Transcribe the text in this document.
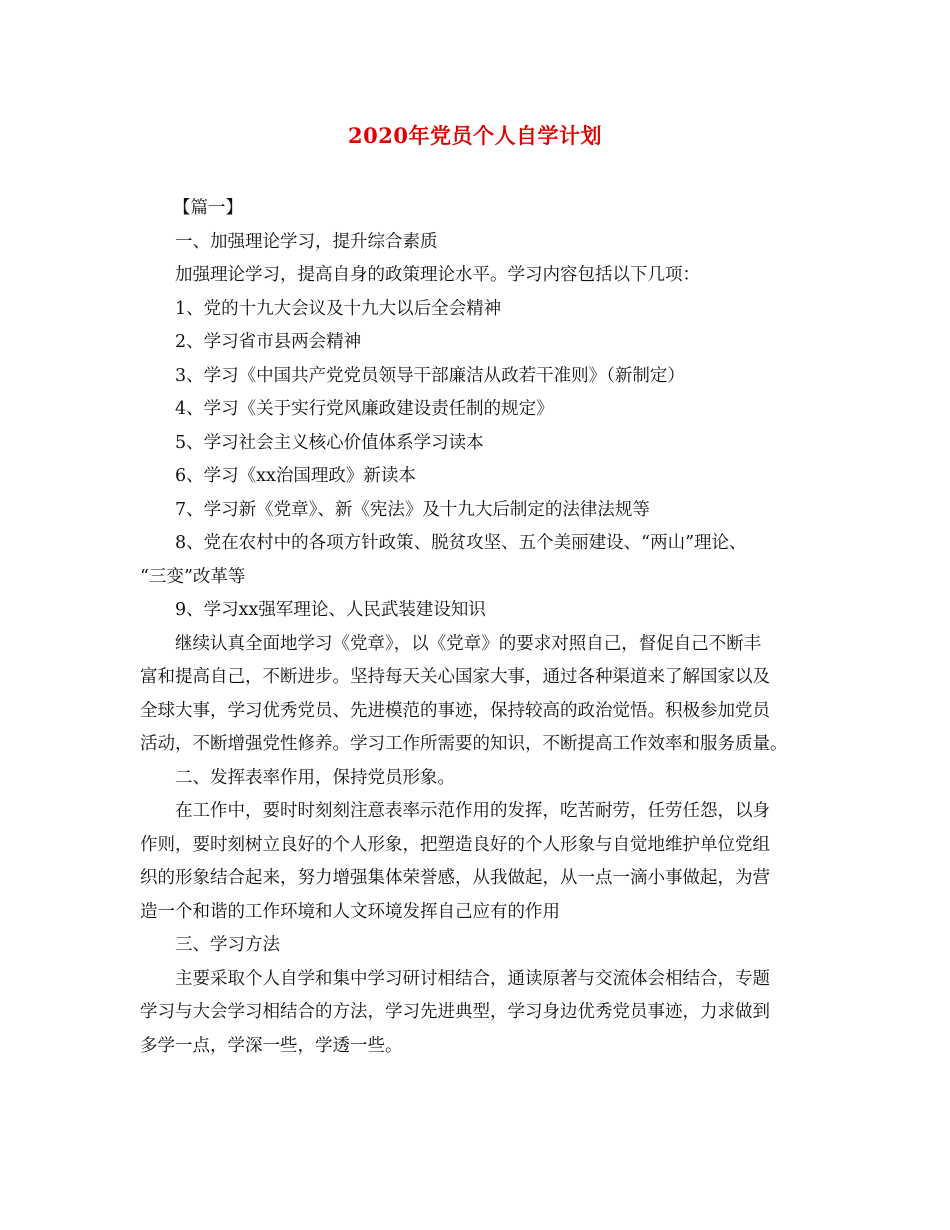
2020年党员个人自学计划
【篇一】
一、加强理论学习，提升综合素质
加强理论学习，提高自身的政策理论水平。学习内容包括以下几项：
1、党的十九大会议及十九大以后全会精神
2、学习省市县两会精神
3、学习《中国共产党党员领导干部廉洁从政若干准则》（新制定）
4、学习《关于实行党风廉政建设责任制的规定》
5、学习社会主义核心价值体系学习读本
6、学习《xx治国理政》新读本
7、学习新《党章》、新《宪法》及十九大后制定的法律法规等
8、党在农村中的各项方针政策、脱贫攻坚、五个美丽建设、“两山”理论、
“三变”改革等
9、学习xx强军理论、人民武装建设知识
继续认真全面地学习《党章》，以《党章》的要求对照自己，督促自己不断丰
富和提高自己，不断进步。坚持每天关心国家大事，通过各种渠道来了解国家以及
全球大事，学习优秀党员、先进模范的事迹，保持较高的政治觉悟。积极参加党员
活动，不断增强党性修养。学习工作所需要的知识，不断提高工作效率和服务质量。
二、发挥表率作用，保持党员形象。
在工作中，要时时刻刻注意表率示范作用的发挥，吃苦耐劳，任劳任怨，以身
作则，要时刻树立良好的个人形象，把塑造良好的个人形象与自觉地维护单位党组
织的形象结合起来，努力增强集体荣誉感，从我做起，从一点一滴小事做起，为营
造一个和谐的工作环境和人文环境发挥自己应有的作用
三、学习方法
主要采取个人自学和集中学习研讨相结合，通读原著与交流体会相结合，专题
学习与大会学习相结合的方法，学习先进典型，学习身边优秀党员事迹，力求做到
多学一点，学深一些，学透一些。
